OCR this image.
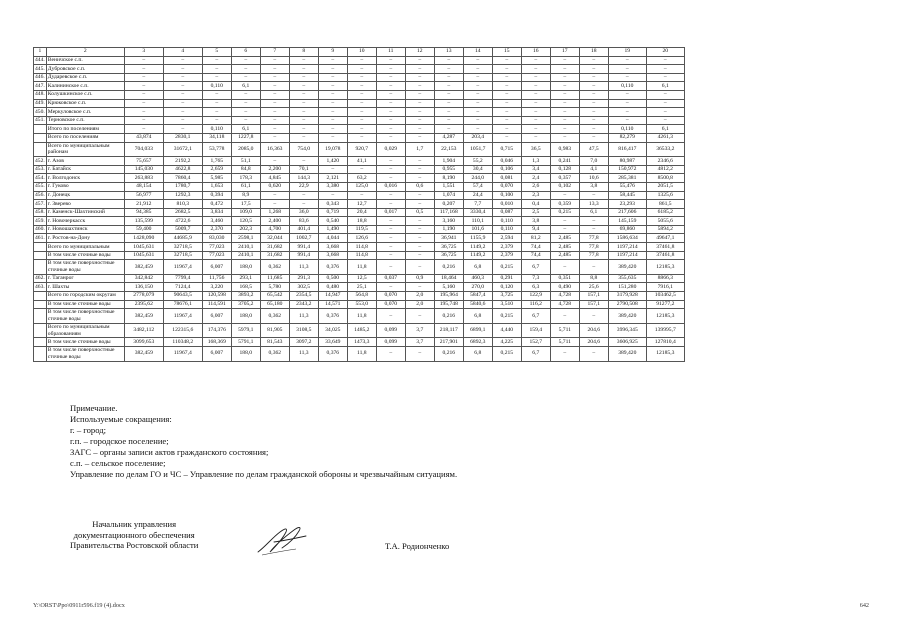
1	2	3	4	5	6	7	8	9	10	11	12	13	14	15	16	17	18	19	20
444.	Веничское с.п.	–	–	–	–	–	–	–	–	–	–	–	–	–	–	–	–	–	–
445.	Дубровское с.п.	–	–	–	–	–	–	–	–	–	–	–	–	–	–	–	–	–	–
446.	Дударевское с.п.	–	–	–	–	–	–	–	–	–	–	–	–	–	–	–	–	–	–
447.	Калининское с.п.	–	–	0,110	6,1	–	–	–	–	–	–	–	–	–	–	–	–	0,110	6,1
448.	Колушкинское с.п.	–	–	–	–	–	–	–	–	–	–	–	–	–	–	–	–	–	–
449.	Крюковское с.п.	–	–	–	–	–	–	–	–	–	–	–	–	–	–	–	–	–	–
450.	Меркуловское с.п.	–	–	–	–	–	–	–	–	–	–	–	–	–	–	–	–	–	–
451.	Терновское с.п.	–	–	–	–	–	–	–	–	–	–	–	–	–	–	–	–	–	–
	Итого по поселениям	–	–	0,110	6,1	–	–	–	–	–	–	–	–	–	–	–	–	0,110	6,1
	Всего по поселениям	43,874	2830,1	34,118	1227,8	–	–	–	–	–	–	4,287	203,4	–	–	–	–	82,279	4261,3
	Всего по муниципальным районам	704,033	31672,1	53,778	2085,0	16,363	754,0	19,078	920,7	0,029	1,7	22,153	1051,7	0,715	36,5	0,983	47,5	816,417	36533,2
452.	г. Азов	75,657	2192,2	1,765	51,1	–	–	1,420	41,1	–	–	1,904	55,2	0,046	1,3	0,241	7,0	80,987	2346,6
453.	г. Батайск	145,030	4622,8	2,659	84,8	2,200	70,1	–	–	–	–	0,955	30,4	0,106	3,4	0,128	4,1	150,972	4812,2
454.	г. Волгодонск	263,883	7860,4	5,985	178,3	4,845	144,3	2,121	63,2	–	–	8,190	244,0	0,081	2,4	0,357	10,6	285,381	8500,8
455.	г. Гуково	48,154	1780,7	1,653	61,1	0,620	22,9	3,380	125,0	0,016	0,6	1,551	57,4	0,070	2,6	0,102	3,8	55,476	2051,5
456.	г. Донецк	56,977	1292,3	0,394	8,9	–	–	–	–	–	–	1,074	24,4	0,100	2,3	–	–	58,445	1325,6
457.	г. Зверево	21,912	810,3	0,472	17,5	–	–	0,343	12,7	–	–	0,207	7,7	0,010	0,4	0,359	13,3	23,293	861,5
458.	г. Каменск-Шахтинский	94,385	2682,5	3,834	109,0	1,268	36,0	0,719	20,4	0,017	0,5	117,168	3330,4	0,087	2,5	0,215	6,1	217,606	6185,2
459.	г. Новочеркасск	135,599	4722,6	3,460	120,5	2,400	83,6	0,540	18,8	–	–	3,160	110,1	0,110	3,8	–	–	145,159	5055,6
460.	г. Новошахтинск	59,400	5009,7	2,370	202,3	4,700	401,4	1,490	119,5	–	–	1,190	101,6	0,110	9,4	–	–	69,860	5894,2
461.	г. Ростов-на-Дону	1428,090	44685,9	83,030	2598,1	32,044	1002,7	4,044	126,6	–	–	36,941	1155,9	2,594	81,2	2,485	77,8	1586,634	49647,1
	Всего по муниципальным	1045,631	32718,5	77,023	2410,1	31,682	991,4	3,668	114,8	–	–	36,725	1149,2	2,379	74,4	2,485	77,8	1197,214	37461,8
	В том числе сточные воды	1045,631	32718,5	77,023	2410,1	31,682	991,4	3,668	114,8	–	–	36,725	1149,2	2,379	74,4	2,485	77,8	1197,214	37461,8
	В том числе поверхностные сточные воды	382,459	11967,4	6,007	188,0	0,362	11,3	0,376	11,8	–	–	0,216	6,8	0,215	6,7	–	–	389,420	12185,3
462.	г. Таганрог	342,842	7799,4	11,756	293,1	11,685	291,3	0,500	12,5	0,037	0,9	18,464	460,3	0,291	7,3	0,351	8,8	355,635	8866,3
463.	г. Шахты	136,150	7124,4	3,220	168,5	5,780	302,5	0,480	25,1	–	–	5,160	270,0	0,120	6,3	0,490	25,6	151,280	7916,1
	Всего по городским округам	2778,079	90643,5	120,598	3893,2	65,542	2354,5	14,947	564,8	0,070	2,0	195,964	5847,4	3,725	122,9	4,728	157,1	3179,928	103462,5
	В том числе сточные воды	2395,62	78676,1	114,591	3705,2	65,180	2343,2	14,571	553,0	0,070	2,0	195,748	5840,6	3,510	116,2	4,728	157,1	2790,508	91277,2
	В том числе поверхностные сточные воды	382,459	11967,4	6,007	188,0	0,362	11,3	0,376	11,8	–	–	0,216	6,8	0,215	6,7	–	–	389,420	12185,3
	Всего по муниципальным образованиям	3482,112	122315,6	174,376	5979,1	81,905	3108,5	34,025	1485,2	0,099	3,7	218,117	6899,1	4,440	159,4	5,711	204,6	3996,345	139995,7
	В том числе сточные воды	3099,653	110348,2	168,369	5791,1	81,543	3097,2	33,649	1473,3	0,099	3,7	217,901	6892,3	4,225	152,7	5,711	204,6	3606,925	127810,4
	В том числе поверхностные сточные воды	382,459	11967,4	6,007	188,0	0,362	11,3	0,376	11,8	–	–	0,216	6,8	0,215	6,7	–	–	389,420	12185,3
Примечание.
Используемые сокращения:
г. – город;
г.п. – городское поселение;
ЗАГС – органы записи актов гражданского состояния;
с.п. – сельское поселение;
Управление по делам ГО и ЧС – Управление по делам гражданской обороны и чрезвычайным ситуациям.
Начальник управления
документационного обеспечения
Правительства Ростовской области	Т.А. Родионченко
Y:\ORST\Ppo\0911r596.f19 (4).docx	642
